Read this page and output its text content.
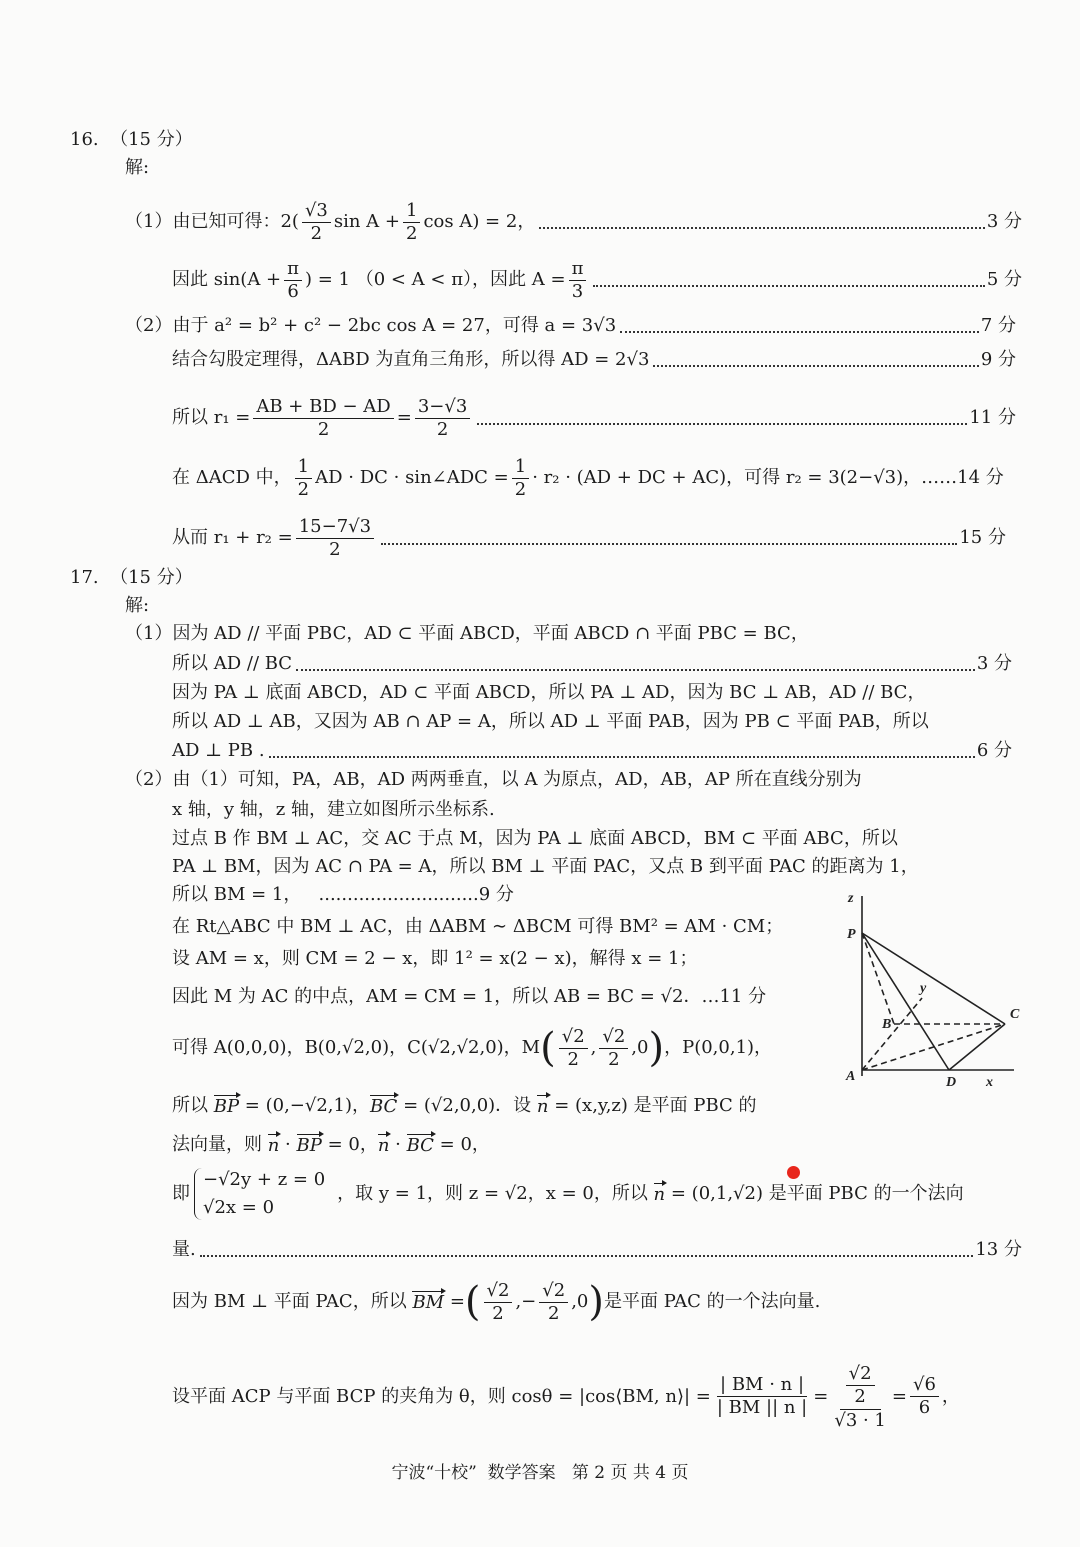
16.  （15 分）
解:
（1）由已知可得：$2( \frac{√3}{2}$ $\sin A + \frac{1}{2}$ cos A) = 2，	3 分
因此 $\sin(A + \frac{\pi}{6}$ ) = 1 （0 < A < π），因此 $A = \frac{\pi}{3}$	5 分
（2）由于 a² = b² + c² − 2bc cos A = 27，可得 a = 3√3	7 分
结合勾股定理得，ΔABD 为直角三角形，所以得 AD = 2√3	9 分
所以 $r_1 = \frac{AB + BD - AD}{2} = \frac{3-√3}{2}$	11 分
在 ΔACD 中， $\frac{1}{2}$ AD · DC · sin∠ADC = $\frac{1}{2} \cdot r_2 \cdot (AD$ + DC + AC)，可得 r₂ = 3(2−√3)，……14 分
从而 $r_1 + r_2 = \frac{15-7√3}{2}$	15 分
17.  （15 分）
解:
（1）因为 AD // 平面 PBC，AD ⊂ 平面 ABCD，平面 ABCD ∩ 平面 PBC = BC，
所以 AD // BC	3 分
因为 PA ⊥ 底面 ABCD，AD ⊂ 平面 ABCD，所以 PA ⊥ AD，因为 BC ⊥ AB，AD // BC，
所以 AD ⊥ AB，又因为 AB ∩ AP = A，所以 AD ⊥ 平面 PAB，因为 PB ⊂ 平面 PAB，所以
AD ⊥ PB .	6 分
（2）由（1）可知，PA，AB，AD 两两垂直，以 A 为原点，AD，AB，AP 所在直线分别为
x 轴，y 轴，z 轴，建立如图所示坐标系.
过点 B 作 BM ⊥ AC，交 AC 于点 M，因为 PA ⊥ 底面 ABCD，BM ⊂ 平面 ABC，所以
PA ⊥ BM，因为 AC ∩ PA = A，所以 BM ⊥ 平面 PAC，又点 B 到平面 PAC 的距离为 1，
所以 BM = 1，   ............................9 分
在 Rt△ABC 中 BM ⊥ AC，由 ΔABM ∼ ΔBCM 可得 BM² = AM · CM；
设 AM = x，则 CM = 2 − x，即 1² = x(2 − x)，解得 x = 1；
因此 M 为 AC 的中点，AM = CM = 1，所以 AB = BC = √2．…11 分
可得 A(0,0,0)，B(0,√2,0)，C(√2,√2,0)，M ( $\frac{√2}{2}$ , $\frac{√2}{2} ,0$ ) ，P(0,0,1)，
所以 BP = (0,−√2,1)， BC = (√2,0,0)．设 n = (x,y,z) 是平面 PBC 的
法向量，则 n · BP = 0， n · BC = 0，
即
−√2y + z = 0
√2x = 0
，取 y = 1，则 z = √2，x = 0，所以 n = (0,1,√2) 是平面 PBC 的一个法向
量.	13 分
因为 BM ⊥ 平面 PAC，所以 BM = ( $\frac{√2}{2}$ ,− $\frac{√2}{2} ,0$ ) 是平面 PAC 的一个法向量.
设平面 ACP 与平面 BCP 的夹角为 θ，则 cosθ = |cos⟨BM, n⟩| = $\frac{| BM \cdot n |}{| BM || n |} = \frac{\frac{√2}{2}}{√3 \cdot 1} = \frac{√6}{6}$ ，
z
P
y
B
C
A	D x
宁波“十校”  数学答案   第 2 页 共 4 页
